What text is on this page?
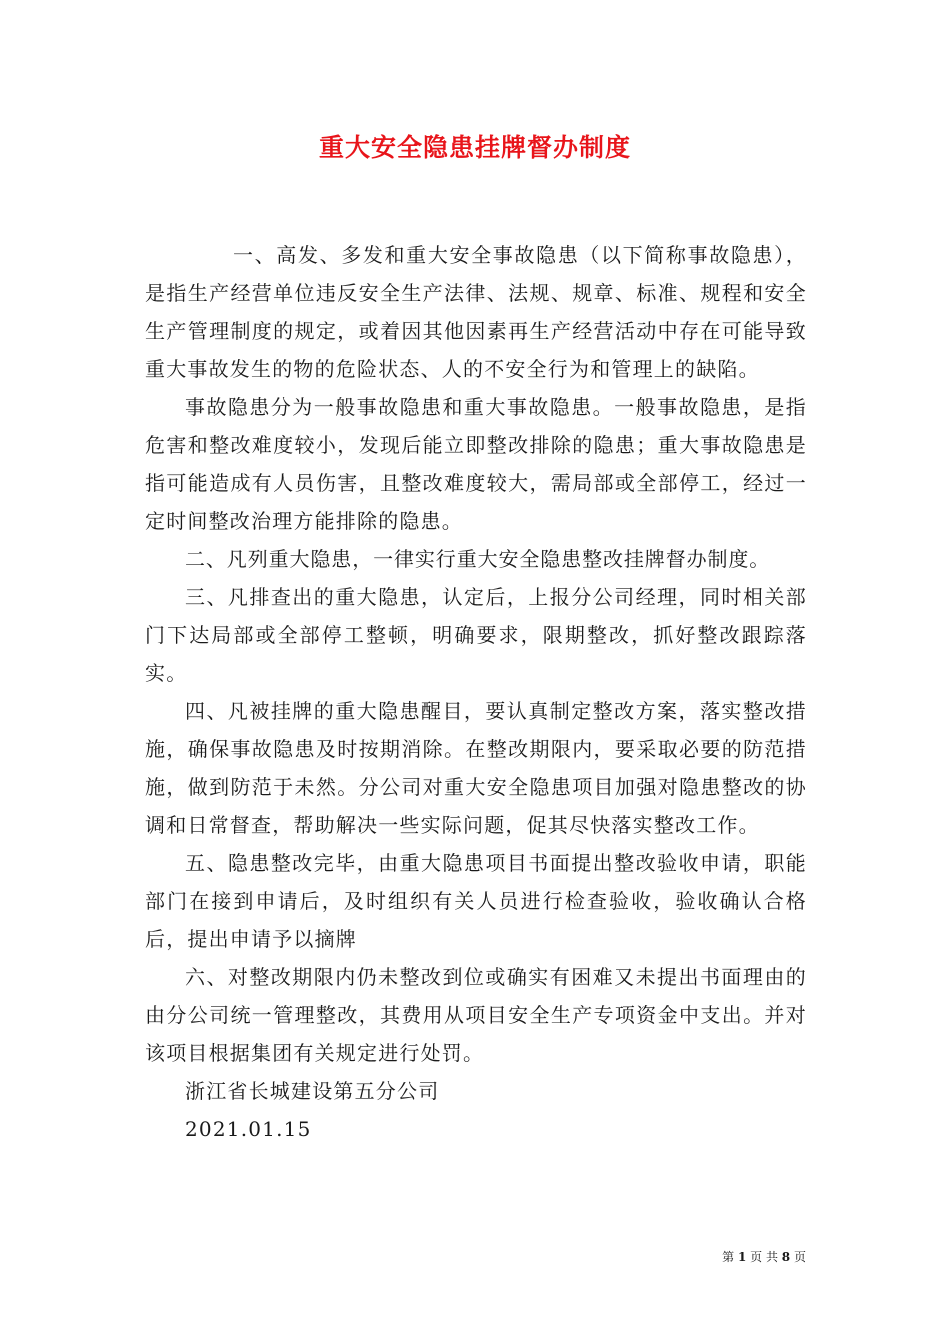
重大安全隐患挂牌督办制度

一、高发、多发和重大安全事故隐患（以下简称事故隐患），是指生产经营单位违反安全生产法律、法规、规章、标准、规程和安全生产管理制度的规定，或着因其他因素再生产经营活动中存在可能导致重大事故发生的物的危险状态、人的不安全行为和管理上的缺陷。

事故隐患分为一般事故隐患和重大事故隐患。一般事故隐患，是指危害和整改难度较小，发现后能立即整改排除的隐患；重大事故隐患是指可能造成有人员伤害，且整改难度较大，需局部或全部停工，经过一定时间整改治理方能排除的隐患。

二、凡列重大隐患，一律实行重大安全隐患整改挂牌督办制度。

三、凡排查出的重大隐患，认定后，上报分公司经理，同时相关部门下达局部或全部停工整顿，明确要求，限期整改，抓好整改跟踪落实。

四、凡被挂牌的重大隐患醒目，要认真制定整改方案，落实整改措施，确保事故隐患及时按期消除。在整改期限内，要采取必要的防范措施，做到防范于未然。分公司对重大安全隐患项目加强对隐患整改的协调和日常督查，帮助解决一些实际问题，促其尽快落实整改工作。

五、隐患整改完毕，由重大隐患项目书面提出整改验收申请，职能部门在接到申请后，及时组织有关人员进行检查验收，验收确认合格后，提出申请予以摘牌

六、对整改期限内仍未整改到位或确实有困难又未提出书面理由的由分公司统一管理整改，其费用从项目安全生产专项资金中支出。并对该项目根据集团有关规定进行处罚。

浙江省长城建设第五分公司

2021.01.15

第 1 页 共 8 页
